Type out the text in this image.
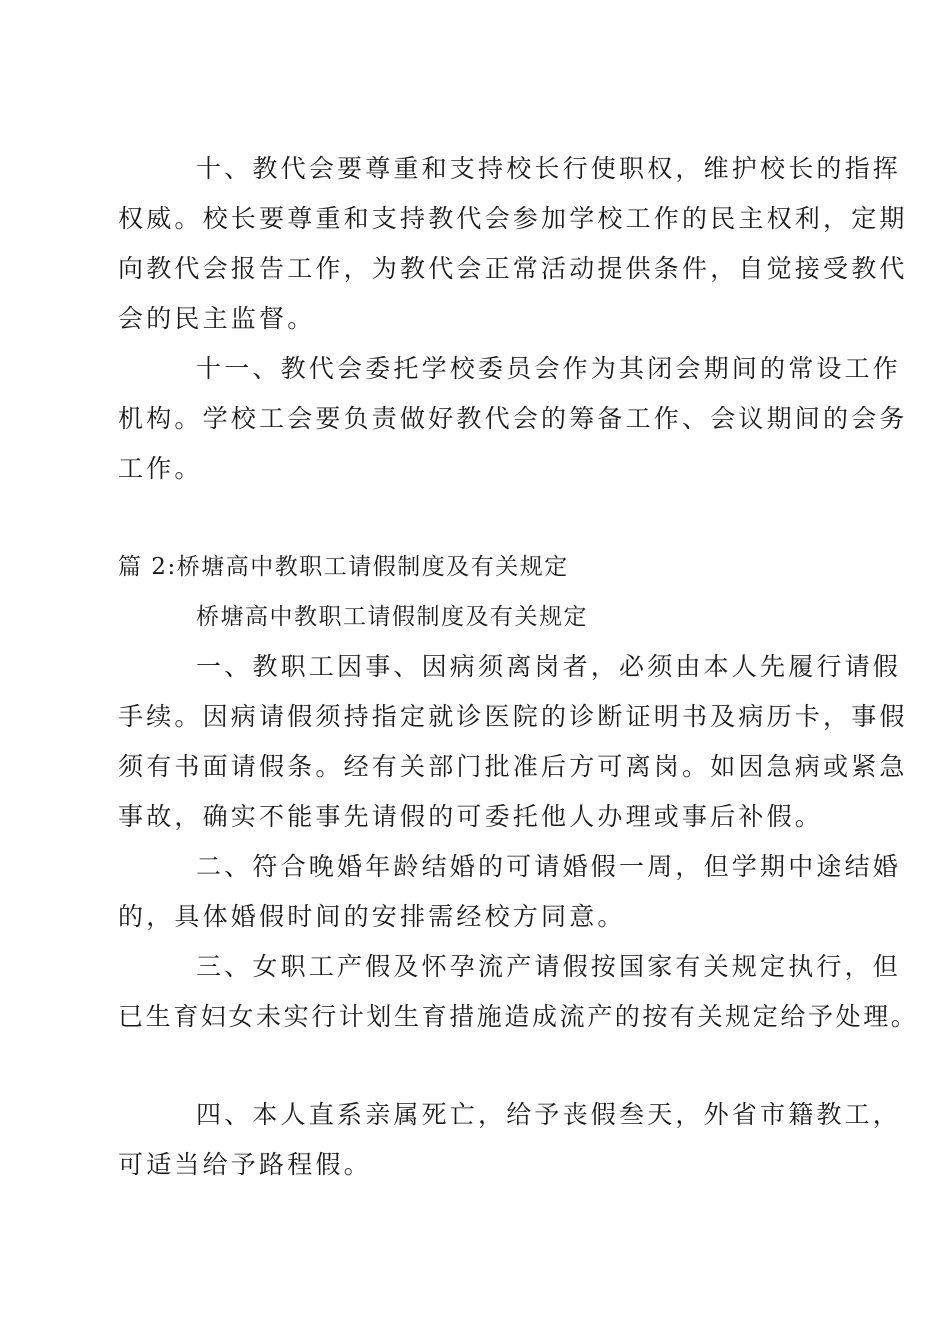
十、教代会要尊重和支持校长行使职权，维护校长的指挥
权威。校长要尊重和支持教代会参加学校工作的民主权利，定期
向教代会报告工作，为教代会正常活动提供条件，自觉接受教代
会的民主监督。
十一、教代会委托学校委员会作为其闭会期间的常设工作
机构。学校工会要负责做好教代会的筹备工作、会议期间的会务
工作。
篇 2:桥塘高中教职工请假制度及有关规定
桥塘高中教职工请假制度及有关规定
一、教职工因事、因病须离岗者，必须由本人先履行请假
手续。因病请假须持指定就诊医院的诊断证明书及病历卡，事假
须有书面请假条。经有关部门批准后方可离岗。如因急病或紧急
事故，确实不能事先请假的可委托他人办理或事后补假。
二、符合晚婚年龄结婚的可请婚假一周，但学期中途结婚
的，具体婚假时间的安排需经校方同意。
三、女职工产假及怀孕流产请假按国家有关规定执行，但
已生育妇女未实行计划生育措施造成流产的按有关规定给予处理。
四、本人直系亲属死亡，给予丧假叁天，外省市籍教工，
可适当给予路程假。
